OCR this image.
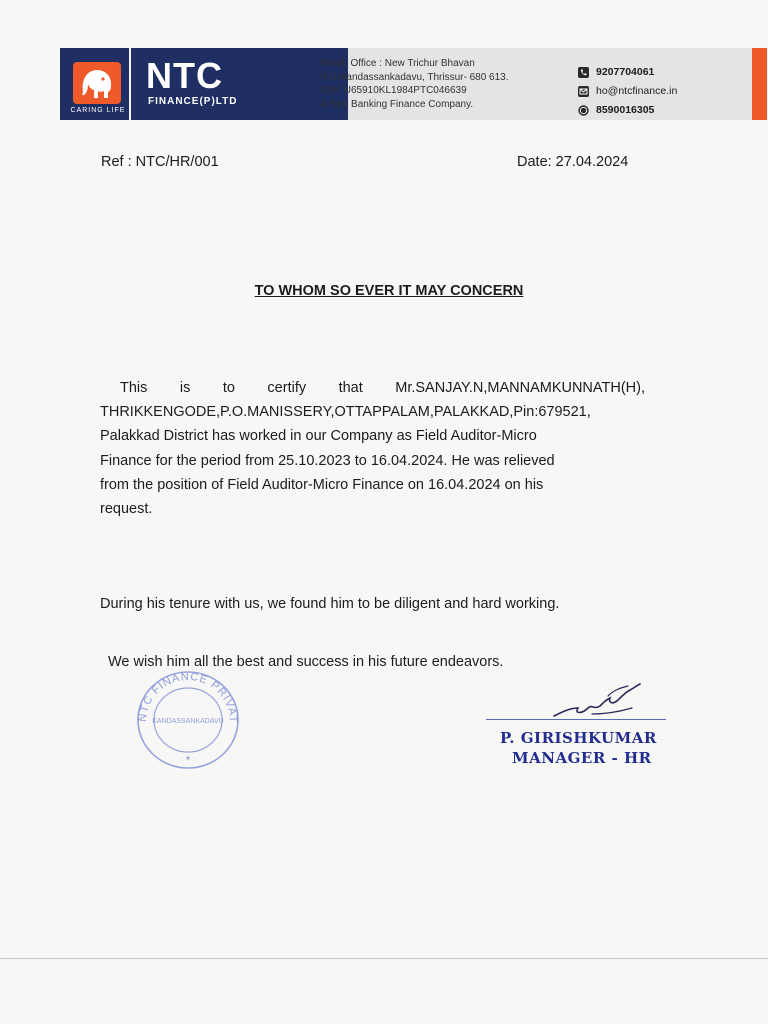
CARING LIFE
NTC
FINANCE(P)LTD
Regd. Office : New Trichur Bhavan
P.O.Kandassankadavu, Thrissur- 680 613.
CIN: U65910KL1984PTC046639
A Non Banking Finance Company.
9207704061
ho@ntcfinance.in
8590016305
Ref : NTC/HR/001	Date: 27.04.2024
TO WHOM SO EVER IT MAY CONCERN
This is to certify that Mr.SANJAY.N,MANNAMKUNNATH(H),
THRIKKENGODE,P.O.MANISSERY,OTTAPPALAM,PALAKKAD,Pin:679521,
Palakkad District has worked in our Company as Field Auditor-Micro
Finance for the period from 25.10.2023 to 16.04.2024. He was relieved
from the position of Field Auditor-Micro Finance on 16.04.2024 on his
request.
During his tenure with us, we found him to be diligent and hard working.
We wish him all the best and success in his future endeavors.
NTC FINANCE PRIVAT
KANDASSANKADAVU
✶
P. GIRISHKUMAR
MANAGER - HR
